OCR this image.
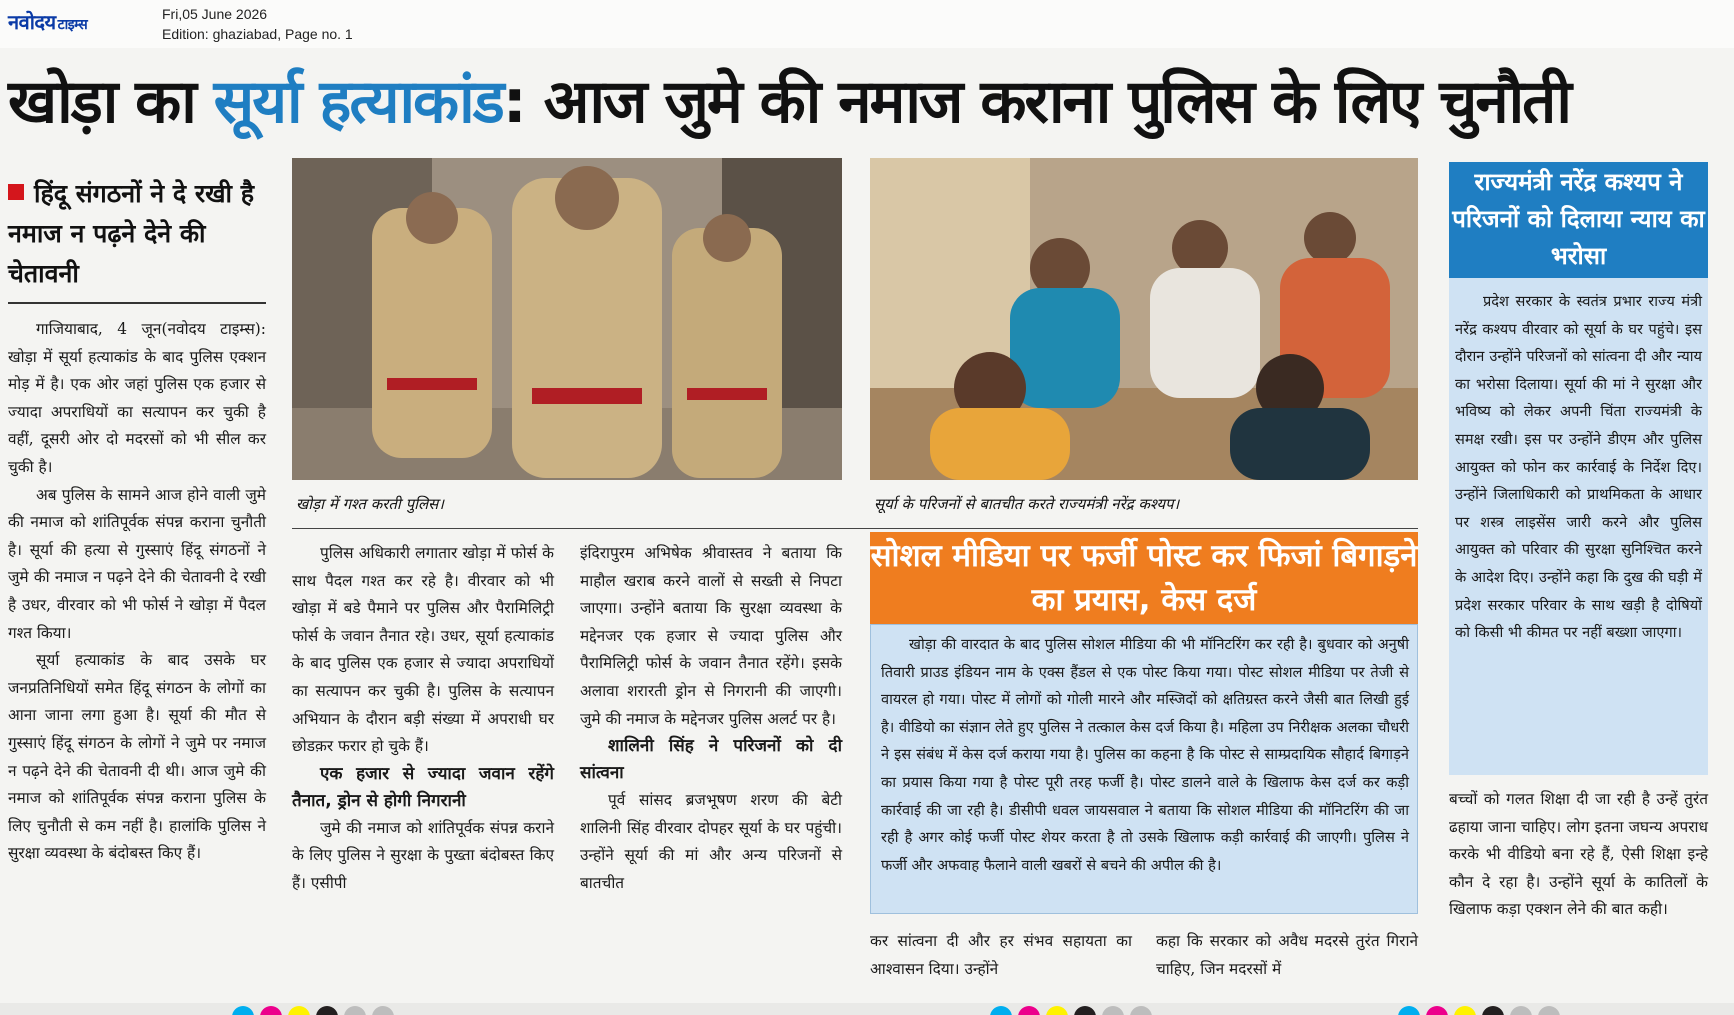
नवोदय टाइम्स
Fri,05 June 2026
Edition: ghaziabad, Page no. 1
खोड़ा का सूर्या हत्याकांड: आज जुमे की नमाज कराना पुलिस के लिए चुनौती
हिंदू संगठनों ने दे रखी है नमाज न पढ़ने देने की चेतावनी

गाजियाबाद, 4 जून(नवोदय टाइम्स): खोड़ा में सूर्या हत्याकांड के बाद पुलिस एक्शन मोड़ में है। एक ओर जहां पुलिस एक हजार से ज्यादा अपराधियों का सत्यापन कर चुकी है वहीं, दूसरी ओर दो मदरसों को भी सील कर चुकी है।

अब पुलिस के सामने आज होने वाली जुमे की नमाज को शांतिपूर्वक संपन्न कराना चुनौती है। सूर्या की हत्या से गुस्साएं हिंदू संगठनों ने जुमे की नमाज न पढ़ने देने की चेतावनी दे रखी है उधर, वीरवार को भी फोर्स ने खोड़ा में पैदल गश्त किया।

सूर्या हत्याकांड के बाद उसके घर जनप्रतिनिधियों समेत हिंदू संगठन के लोगों का आना जाना लगा हुआ है। सूर्या की मौत से गुस्साएं हिंदू संगठन के लोगों ने जुमे पर नमाज न पढ़ने देने की चेतावनी दी थी। आज जुमे की नमाज को शांतिपूर्वक संपन्न कराना पुलिस के लिए चुनौती से कम नहीं है। हालांकि पुलिस ने सुरक्षा व्यवस्था के बंदोबस्त किए हैं।

खोड़ा में गश्त करती पुलिस।	सूर्या के परिजनों से बातचीत करते राज्यमंत्री नरेंद्र कश्यप।

पुलिस अधिकारी लगातार खोड़ा में फोर्स के साथ पैदल गश्त कर रहे है। वीरवार को भी खोड़ा में बडे पैमाने पर पुलिस और पैरामिलिट्री फोर्स के जवान तैनात रहे। उधर, सूर्या हत्याकांड के बाद पुलिस एक हजार से ज्यादा अपराधियों का सत्यापन कर चुकी है। पुलिस के सत्यापन अभियान के दौरान बड़ी संख्या में अपराधी घर छोडक़र फरार हो चुके हैं।

एक हजार से ज्यादा जवान रहेंगे तैनात, ड्रोन से होगी निगरानी

जुमे की नमाज को शांतिपूर्वक संपन्न कराने के लिए पुलिस ने सुरक्षा के पुख्ता बंदोबस्त किए हैं। एसीपी

इंदिरापुरम अभिषेक श्रीवास्तव ने बताया कि माहौल खराब करने वालों से सख्ती से निपटा जाएगा। उन्होंने बताया कि सुरक्षा व्यवस्था के मद्देनजर एक हजार से ज्यादा पुलिस और पैरामिलिट्री फोर्स के जवान तैनात रहेंगे। इसके अलावा शरारती ड्रोन से निगरानी की जाएगी। जुमे की नमाज के मद्देनजर पुलिस अलर्ट पर है।

शालिनी सिंह ने परिजनों को दी सांत्वना

पूर्व सांसद ब्रजभूषण शरण की बेटी शालिनी सिंह वीरवार दोपहर सूर्या के घर पहुंची। उन्होंने सूर्या की मां और अन्य परिजनों से बातचीत

सोशल मीडिया पर फर्जी पोस्ट कर फिजां बिगाड़ने का प्रयास, केस दर्ज

खोड़ा की वारदात के बाद पुलिस सोशल मीडिया की भी मॉनिटरिंग कर रही है। बुधवार को अनुषी तिवारी प्राउड इंडियन नाम के एक्स हैंडल से एक पोस्ट किया गया। पोस्ट सोशल मीडिया पर तेजी से वायरल हो गया। पोस्ट में लोगों को गोली मारने और मस्जिदों को क्षतिग्रस्त करने जैसी बात लिखी हुई है। वीडियो का संज्ञान लेते हुए पुलिस ने तत्काल केस दर्ज किया है। महिला उप निरीक्षक अलका चौधरी ने इस संबंध में केस दर्ज कराया गया है। पुलिस का कहना है कि पोस्ट से साम्प्रदायिक सौहार्द बिगाड़ने का प्रयास किया गया है पोस्ट पूरी तरह फर्जी है। पोस्ट डालने वाले के खिलाफ केस दर्ज कर कड़ी कार्रवाई की जा रही है। डीसीपी धवल जायसवाल ने बताया कि सोशल मीडिया की मॉनिटरिंग की जा रही है अगर कोई फर्जी पोस्ट शेयर करता है तो उसके खिलाफ कड़ी कार्रवाई की जाएगी। पुलिस ने फर्जी और अफवाह फैलाने वाली खबरों से बचने की अपील की है।

कर सांत्वना दी और हर संभव सहायता का आश्वासन दिया। उन्होंने

कहा कि सरकार को अवैध मदरसे तुरंत गिराने चाहिए, जिन मदरसों में

राज्यमंत्री नरेंद्र कश्यप ने परिजनों को दिलाया न्याय का भरोसा

प्रदेश सरकार के स्वतंत्र प्रभार राज्य मंत्री नरेंद्र कश्यप वीरवार को सूर्या के घर पहुंचे। इस दौरान उन्होंने परिजनों को सांत्वना दी और न्याय का भरोसा दिलाया। सूर्या की मां ने सुरक्षा और भविष्य को लेकर अपनी चिंता राज्यमंत्री के समक्ष रखी। इस पर उन्होंने डीएम और पुलिस आयुक्त को फोन कर कार्रवाई के निर्देश दिए। उन्होंने जिलाधिकारी को प्राथमिकता के आधार पर शस्त्र लाइसेंस जारी करने और पुलिस आयुक्त को परिवार की सुरक्षा सुनिश्चित करने के आदेश दिए। उन्होंने कहा कि दुख की घड़ी में प्रदेश सरकार परिवार के साथ खड़ी है दोषियों को किसी भी कीमत पर नहीं बख्शा जाएगा।

बच्चों को गलत शिक्षा दी जा रही है उन्हें तुरंत ढहाया जाना चाहिए। लोग इतना जघन्य अपराध करके भी वीडियो बना रहे हैं, ऐसी शिक्षा इन्हे कौन दे रहा है। उन्होंने सूर्या के कातिलों के खिलाफ कड़ा एक्शन लेने की बात कही।
